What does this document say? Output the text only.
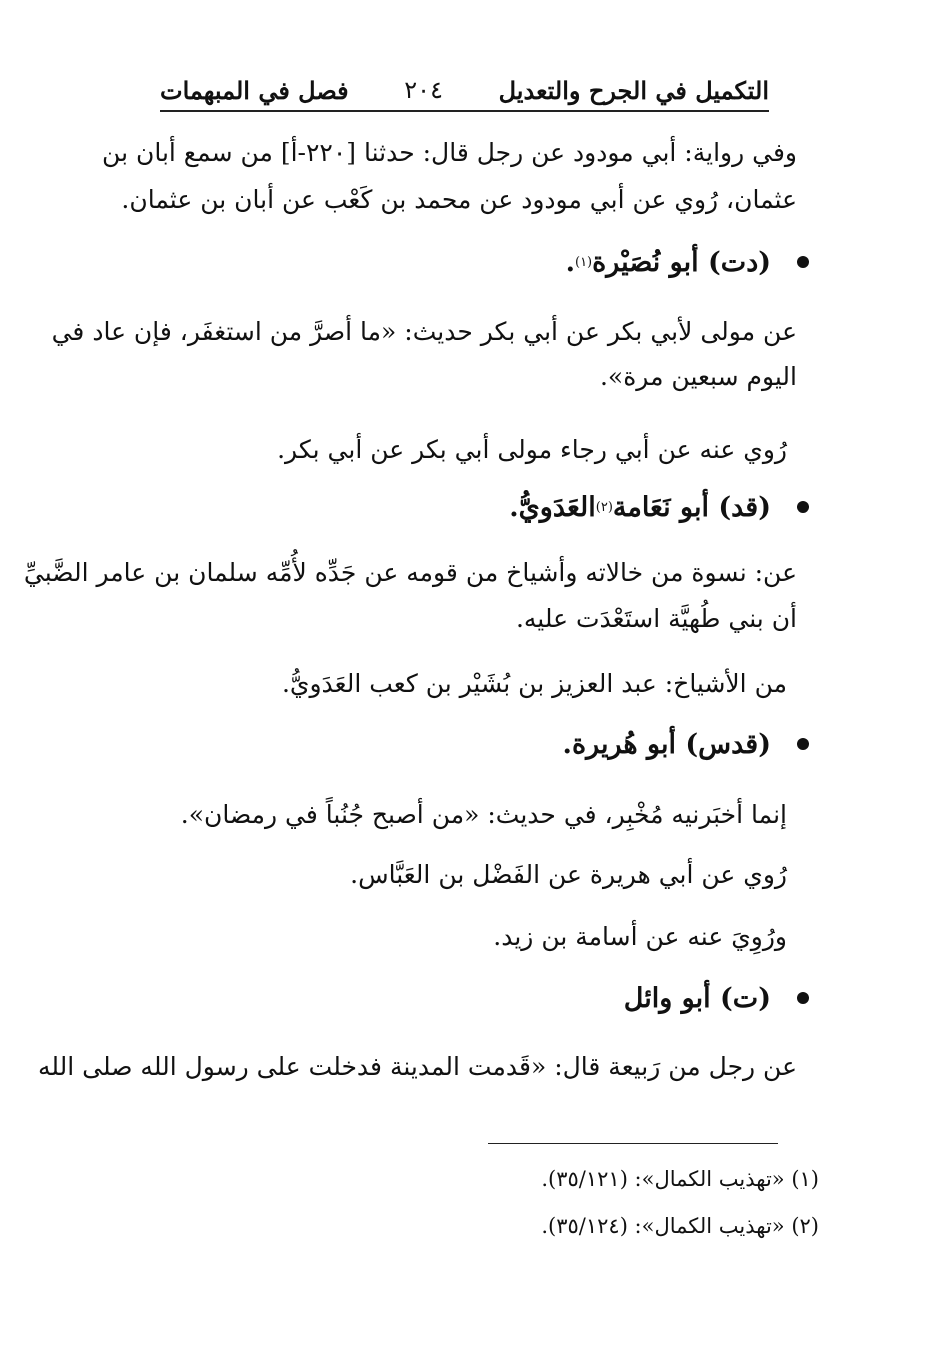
التكميل في الجرح والتعديل
٢٠٤
فصل في المبهمات
وفي رواية: أبي مودود عن رجل قال: حدثنا [٢٢٠-أ] من سمع أبان بن
عثمان، رُوي عن أبي مودود عن محمد بن كَعْب عن أبان بن عثمان.
(دت) أبو نُصَيْرة
(١)
.
عن مولى لأبي بكر عن أبي بكر حديث: «ما أصرَّ من استغفَر، فإن عاد في
اليوم سبعين مرة».
رُوي عنه عن أبي رجاء مولى أبي بكر عن أبي بكر.
(قد) أبو نَعَامة
(٢)
العَدَويُّ.
عن: نسوة من خالاته وأشياخ من قومه عن جَدِّه لأُمِّه سلمان بن عامر الضَّبيِّ
أن بني طُهيَّة استَعْدَت عليه.
من الأشياخ: عبد العزيز بن بُشَيْر بن كعب العَدَويُّ.
(قدس) أبو هُريرة.
إنما أخبَرنيه مُخْبِر، في حديث: «من أصبح جُنُباً في رمضان».
رُوي عن أبي هريرة عن الفَضْل بن العَبَّاس.
ورُوِيَ عنه عن أسامة بن زيد.
(ت) أبو وائل
عن رجل من رَبيعة قال: «قَدمت المدينة فدخلت على رسول الله صلى الله
(١) «تهذيب الكمال»: (٣٥/١٢١).
(٢) «تهذيب الكمال»: (٣٥/١٢٤).
